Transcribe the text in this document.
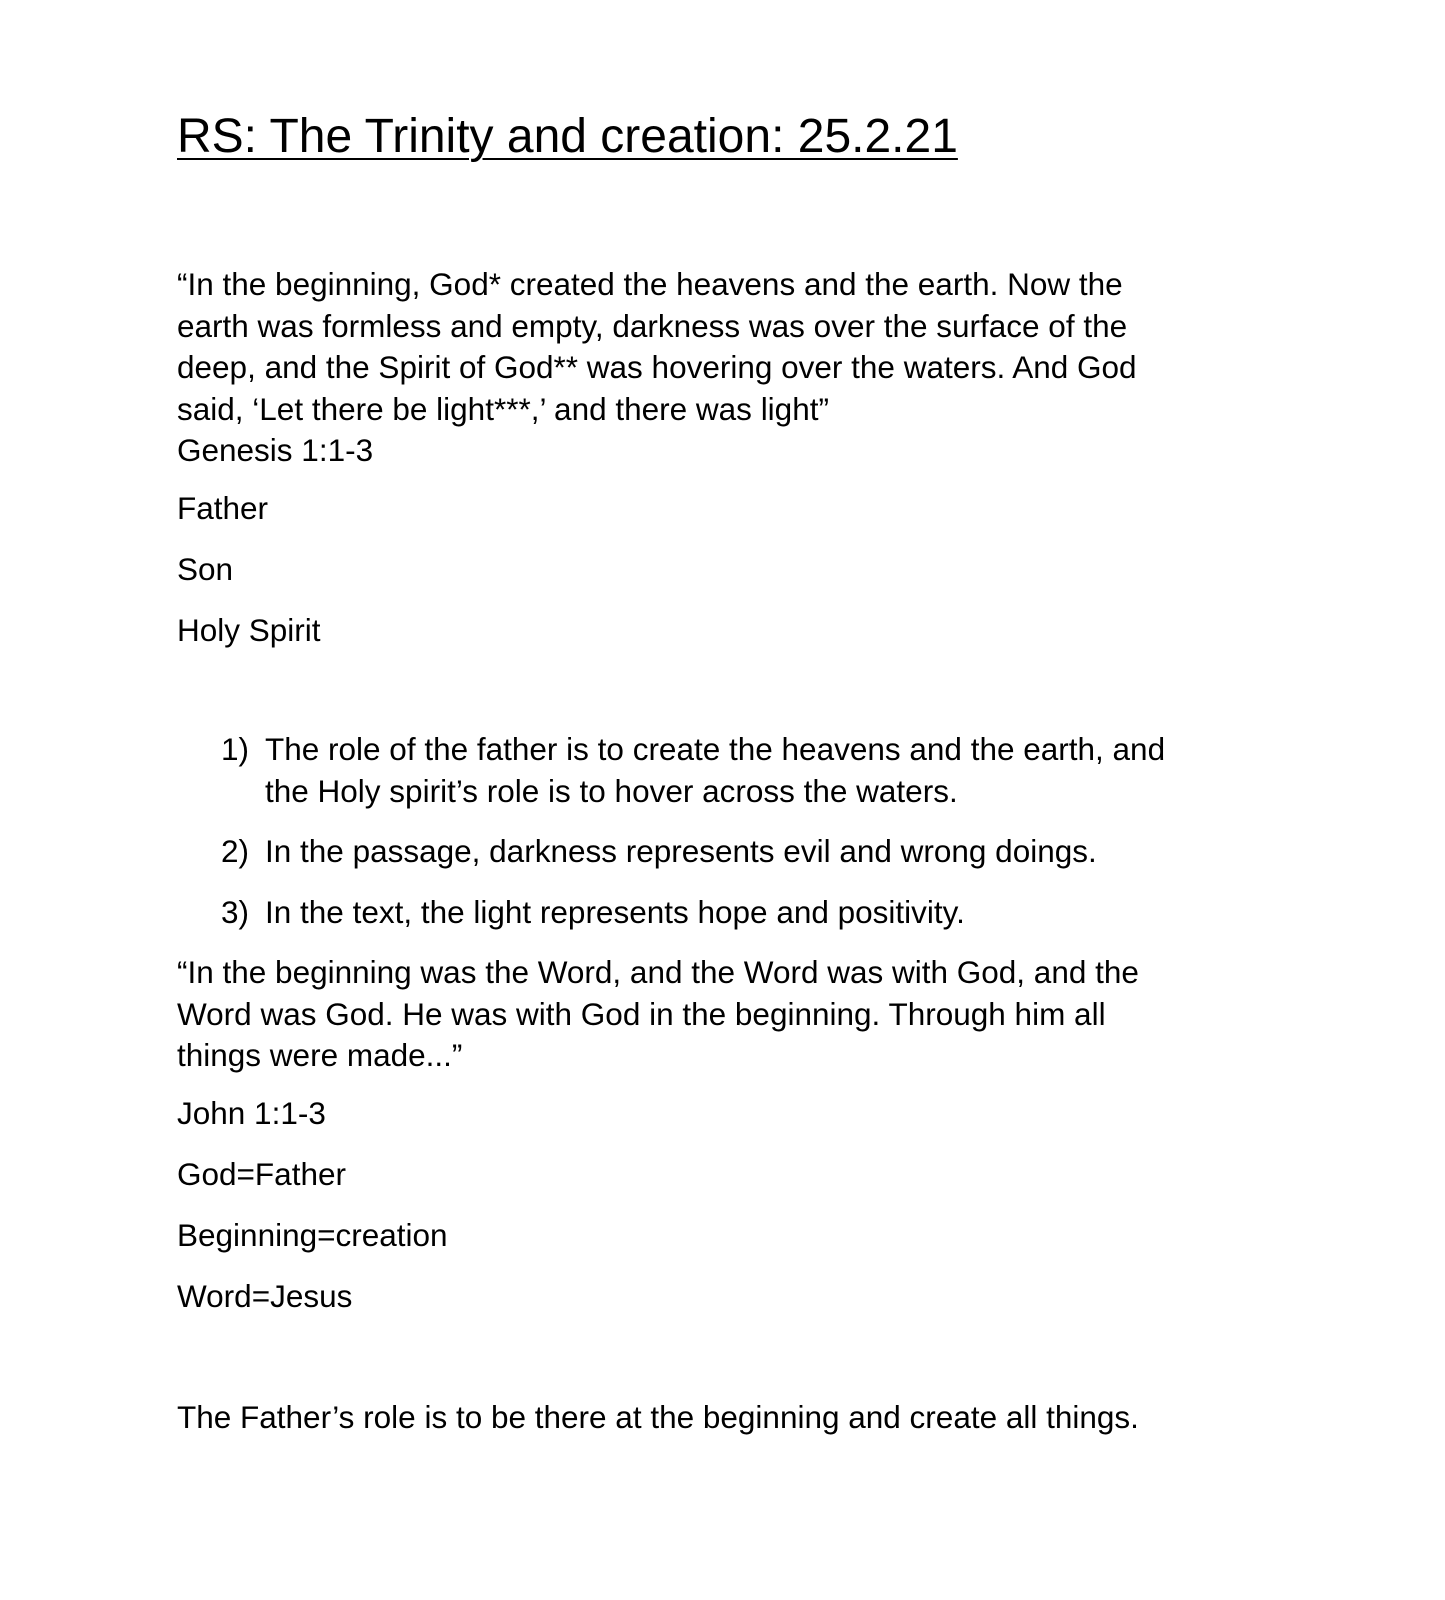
RS: The Trinity and creation: 25.2.21

“In the beginning, God* created the heavens and the earth. Now the

earth was formless and empty, darkness was over the surface of the

deep, and the Spirit of God** was hovering over the waters. And God

said, ‘Let there be light***,’ and there was light”

Genesis 1:1-3

Father

Son

Holy Spirit

1) The role of the father is to create the heavens and the earth, and
the Holy spirit’s role is to hover across the waters.
2) In the passage, darkness represents evil and wrong doings.
3) In the text, the light represents hope and positivity.

“In the beginning was the Word, and the Word was with God, and the

Word was God. He was with God in the beginning. Through him all

things were made...”

John 1:1-3

God=Father

Beginning=creation

Word=Jesus

The Father’s role is to be there at the beginning and create all things.
